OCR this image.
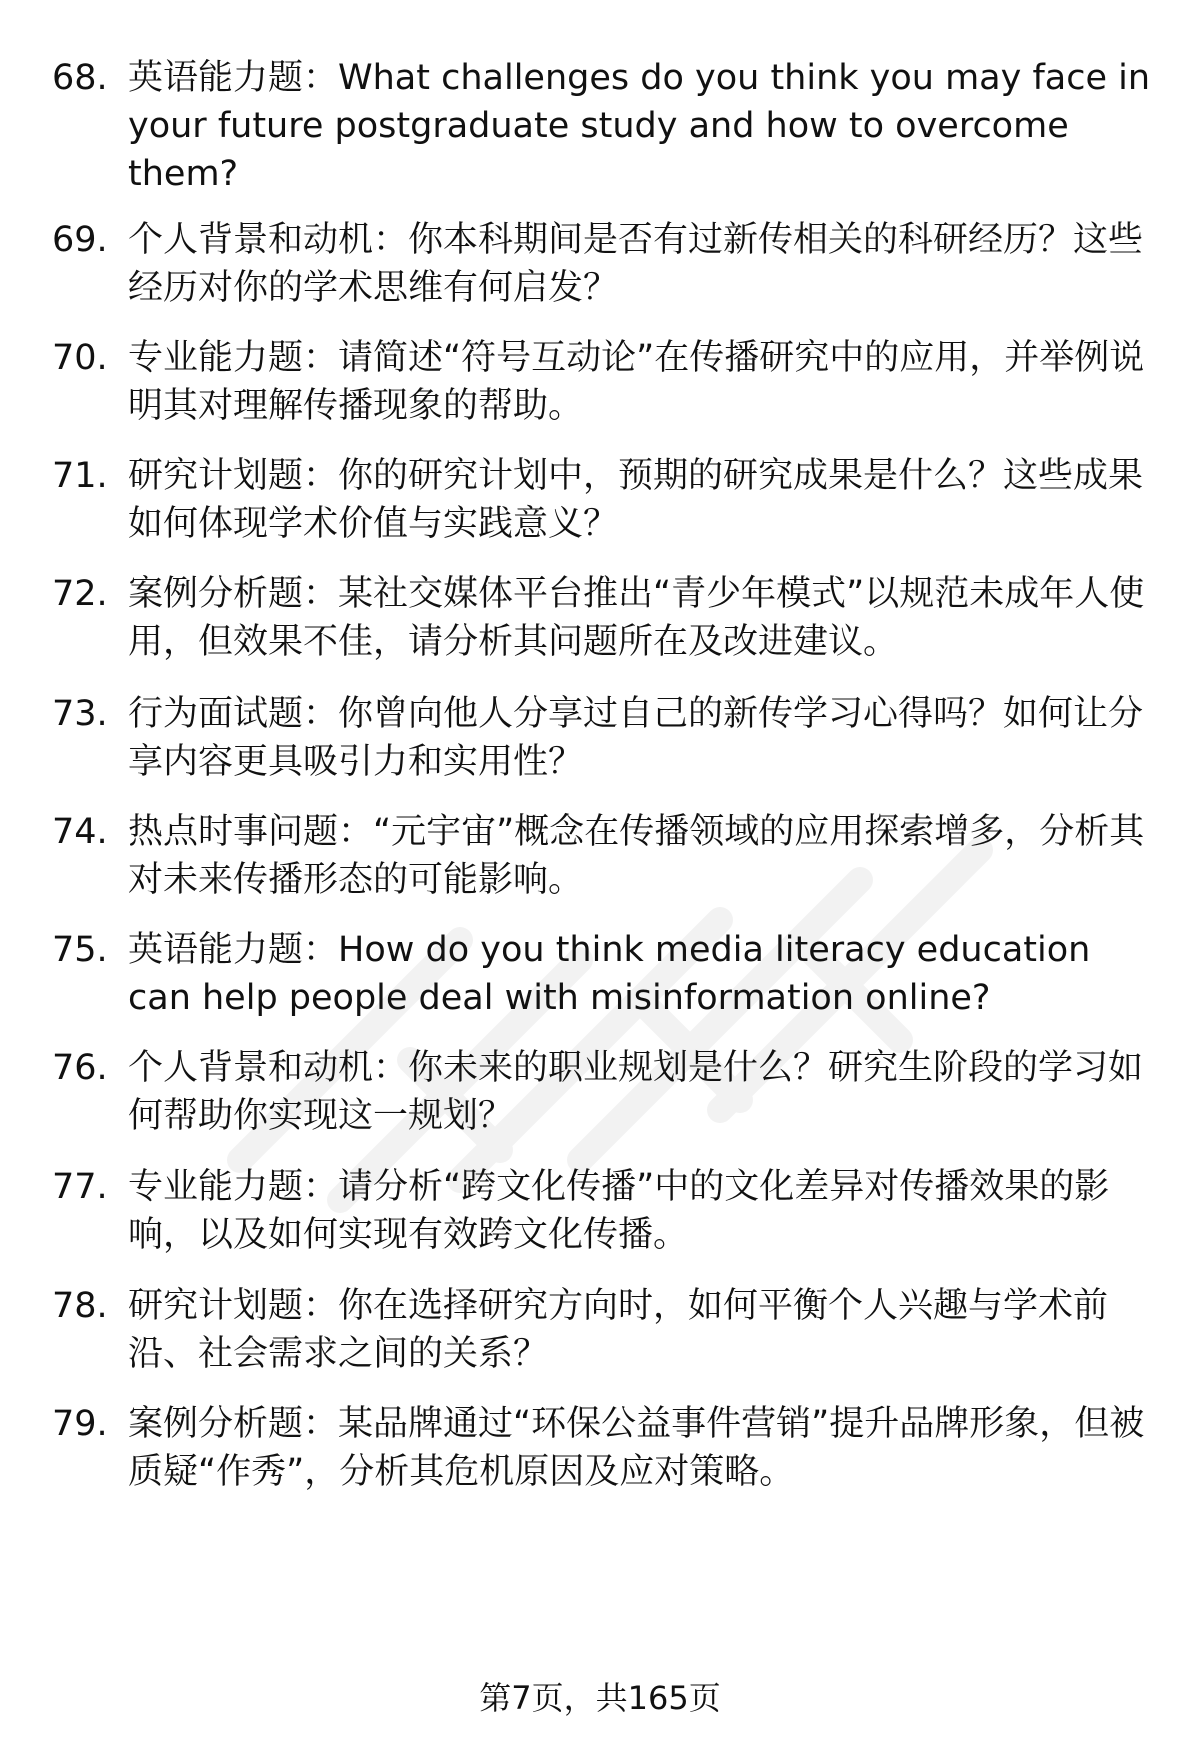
68. 英语能力题：What challenges do you think you may face in your future postgraduate study and how to overcome them?
69. 个人背景和动机：你本科期间是否有过新传相关的科研经历？这些经历对你的学术思维有何启发？
70. 专业能力题：请简述“符号互动论”在传播研究中的应用，并举例说明其对理解传播现象的帮助。
71. 研究计划题：你的研究计划中，预期的研究成果是什么？这些成果如何体现学术价值与实践意义？
72. 案例分析题：某社交媒体平台推出“青少年模式”以规范未成年人使用，但效果不佳，请分析其问题所在及改进建议。
73. 行为面试题：你曾向他人分享过自己的新传学习心得吗？如何让分享内容更具吸引力和实用性？
74. 热点时事问题：“元宇宙”概念在传播领域的应用探索增多，分析其对未来传播形态的可能影响。
75. 英语能力题：How do you think media literacy education can help people deal with misinformation online?
76. 个人背景和动机：你未来的职业规划是什么？研究生阶段的学习如何帮助你实现这一规划？
77. 专业能力题：请分析“跨文化传播”中的文化差异对传播效果的影响，以及如何实现有效跨文化传播。
78. 研究计划题：你在选择研究方向时，如何平衡个人兴趣与学术前沿、社会需求之间的关系？
79. 案例分析题：某品牌通过“环保公益事件营销”提升品牌形象，但被质疑“作秀”，分析其危机原因及应对策略。
第7页，共165页
